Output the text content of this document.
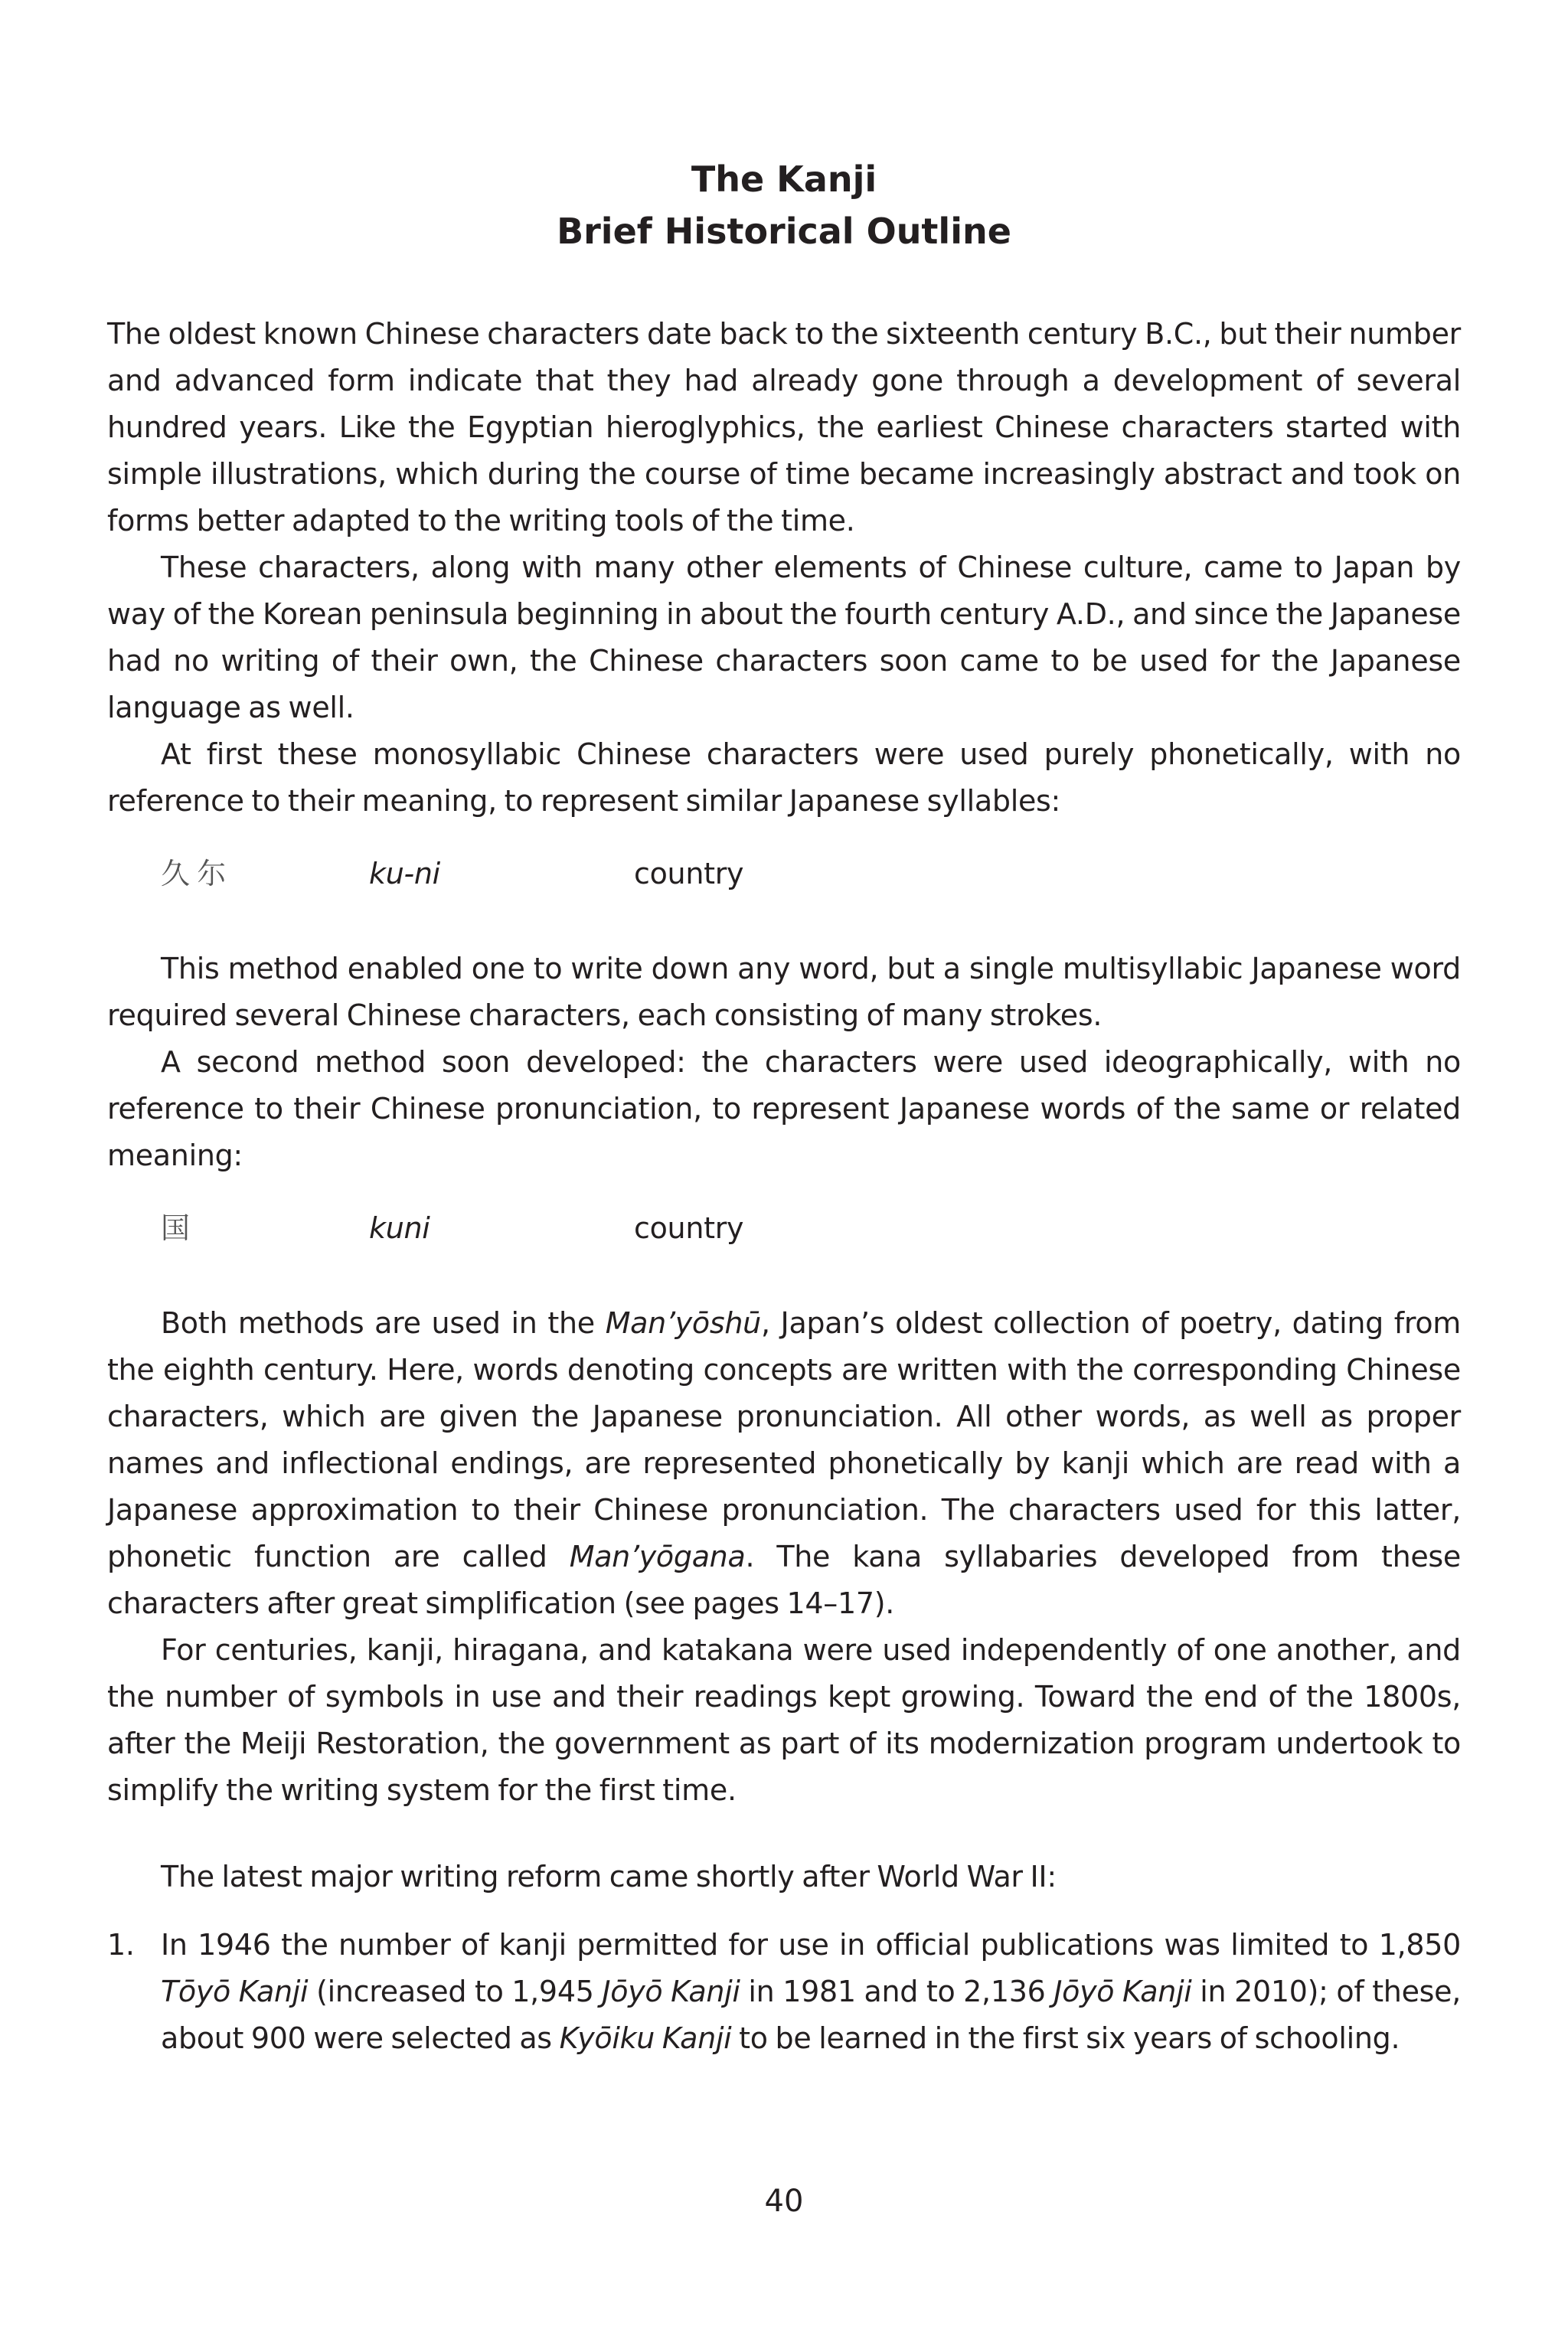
The Kanji
Brief Historical Outline

The oldest known Chinese characters date back to the sixteenth century B.C., but their number and advanced form indicate that they had already gone through a development of several hundred years. Like the Egyptian hieroglyphics, the earliest Chinese characters started with simple illustrations, which during the course of time became increasingly abstract and took on forms better adapted to the writing tools of the time.

These characters, along with many other elements of Chinese culture, came to Japan by way of the Korean peninsula beginning in about the fourth century A.D., and since the Japanese had no writing of their own, the Chinese characters soon came to be used for the Japanese language as well.

At first these monosyllabic Chinese characters were used purely phonetically, with no reference to their meaning, to represent similar Japanese syllables:

久 尓	ku-ni	country

This method enabled one to write down any word, but a single multisyllabic Japanese word required several Chinese characters, each consisting of many strokes.

A second method soon developed: the characters were used ideographically, with no reference to their Chinese pronunciation, to represent Japanese words of the same or related meaning:

国	kuni	country

Both methods are used in the Man’yōshū, Japan’s oldest collection of poetry, dating from the eighth century. Here, words denoting concepts are written with the corresponding Chinese characters, which are given the Japanese pronunciation. All other words, as well as proper names and inflectional endings, are represented phonetically by kanji which are read with a Japanese approximation to their Chinese pronunciation. The characters used for this latter, phonetic function are called Man’yōgana. The kana syllabaries developed from these characters after great simplification (see pages 14–17).

For centuries, kanji, hiragana, and katakana were used independently of one another, and the number of symbols in use and their readings kept growing. Toward the end of the 1800s, after the Meiji Restoration, the government as part of its modernization program undertook to simplify the writing system for the first time.

The latest major writing reform came shortly after World War II:

1. In 1946 the number of kanji permitted for use in official publications was limited to 1,850 Tōyō Kanji (increased to 1,945 Jōyō Kanji in 1981 and to 2,136 Jōyō Kanji in 2010); of these, about 900 were selected as Kyōiku Kanji to be learned in the first six years of schooling.
40
